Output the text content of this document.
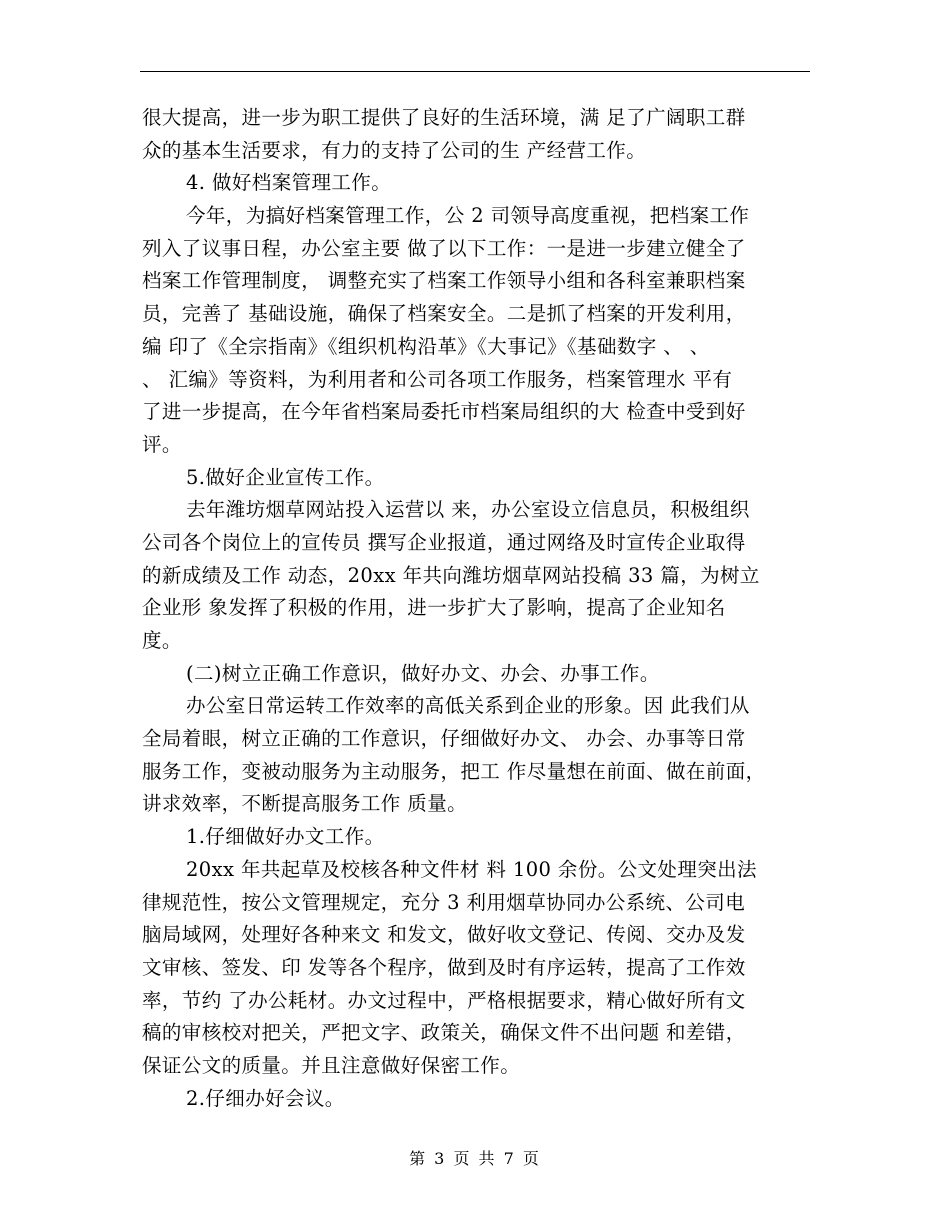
很大提高，进一步为职工提供了良好的生活环境，满 足了广阔职工群
众的基本生活要求，有力的支持了公司的生 产经营工作。
4. 做好档案管理工作。
今年，为搞好档案管理工作，公 2 司领导高度重视，把档案工作
列入了议事日程，办公室主要 做了以下工作：一是进一步建立健全了
档案工作管理制度， 调整充实了档案工作领导小组和各科室兼职档案
员，完善了 基础设施，确保了档案安全。二是抓了档案的开发利用，
编 印了《全宗指南》《组织机构沿革》《大事记》《基础数字 、 、
、 汇编》等资料，为利用者和公司各项工作服务，档案管理水 平有
了进一步提高，在今年省档案局委托市档案局组织的大 检查中受到好
评。
5.做好企业宣传工作。
去年潍坊烟草网站投入运营以 来，办公室设立信息员，积极组织
公司各个岗位上的宣传员 撰写企业报道，通过网络及时宣传企业取得
的新成绩及工作 动态，20xx 年共向潍坊烟草网站投稿 33 篇，为树立
企业形 象发挥了积极的作用，进一步扩大了影响，提高了企业知名
度。
(二)树立正确工作意识，做好办文、办会、办事工作。
办公室日常运转工作效率的高低关系到企业的形象。因 此我们从
全局着眼，树立正确的工作意识，仔细做好办文、 办会、办事等日常
服务工作，变被动服务为主动服务，把工 作尽量想在前面、做在前面，
讲求效率，不断提高服务工作 质量。
1.仔细做好办文工作。
20xx 年共起草及校核各种文件材 料 100 余份。公文处理突出法
律规范性，按公文管理规定，充分 3 利用烟草协同办公系统、公司电
脑局域网，处理好各种来文 和发文，做好收文登记、传阅、交办及发
文审核、签发、印 发等各个程序，做到及时有序运转，提高了工作效
率，节约 了办公耗材。办文过程中，严格根据要求，精心做好所有文
稿的审核校对把关，严把文字、政策关，确保文件不出问题 和差错，
保证公文的质量。并且注意做好保密工作。
2.仔细办好会议。
第 3 页 共 7 页
